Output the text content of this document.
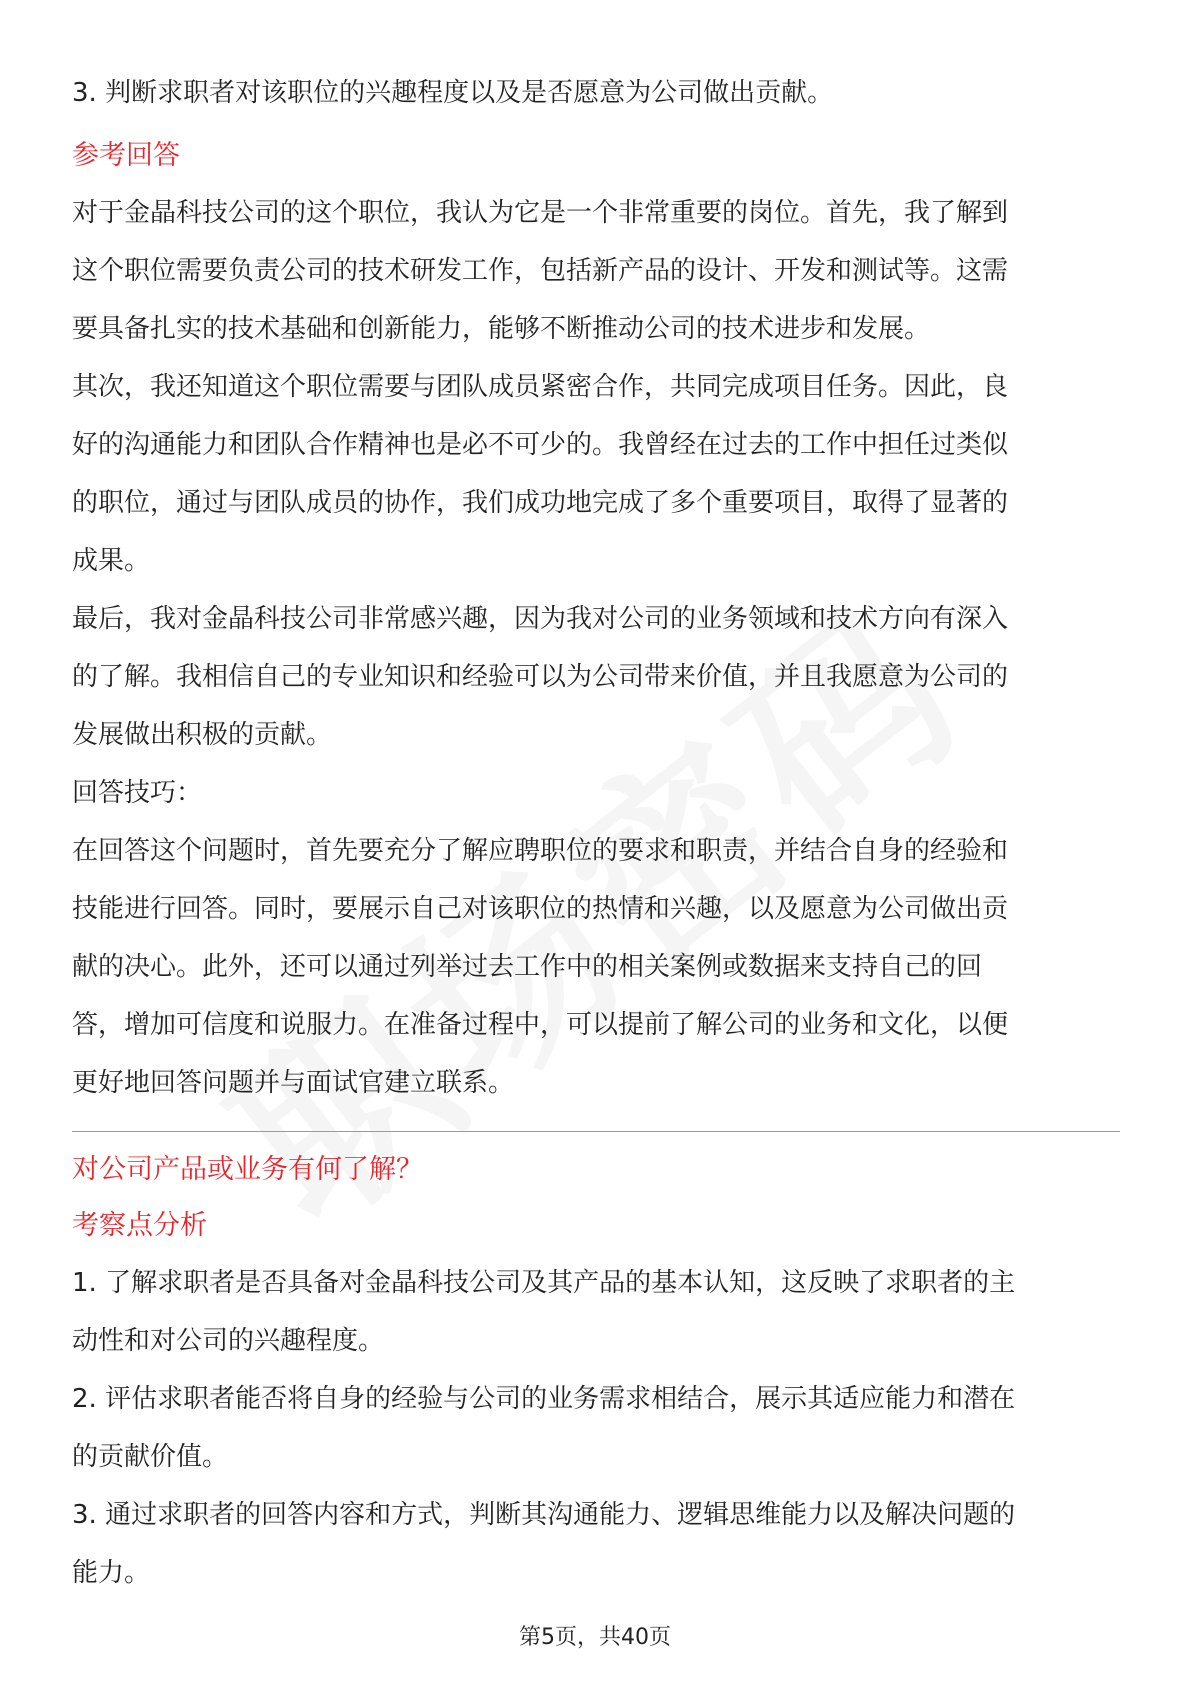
3. 判断求职者对该职位的兴趣程度以及是否愿意为公司做出贡献。

参考回答

对于金晶科技公司的这个职位，我认为它是一个非常重要的岗位。首先，我了解到

这个职位需要负责公司的技术研发工作，包括新产品的设计、开发和测试等。这需

要具备扎实的技术基础和创新能力，能够不断推动公司的技术进步和发展。

其次，我还知道这个职位需要与团队成员紧密合作，共同完成项目任务。因此，良

好的沟通能力和团队合作精神也是必不可少的。我曾经在过去的工作中担任过类似

的职位，通过与团队成员的协作，我们成功地完成了多个重要项目，取得了显著的

成果。

最后，我对金晶科技公司非常感兴趣，因为我对公司的业务领域和技术方向有深入

的了解。我相信自己的专业知识和经验可以为公司带来价值，并且我愿意为公司的

发展做出积极的贡献。

回答技巧：

在回答这个问题时，首先要充分了解应聘职位的要求和职责，并结合自身的经验和

技能进行回答。同时，要展示自己对该职位的热情和兴趣，以及愿意为公司做出贡

献的决心。此外，还可以通过列举过去工作中的相关案例或数据来支持自己的回

答，增加可信度和说服力。在准备过程中，可以提前了解公司的业务和文化，以便

更好地回答问题并与面试官建立联系。

对公司产品或业务有何了解？

考察点分析

1. 了解求职者是否具备对金晶科技公司及其产品的基本认知，这反映了求职者的主

动性和对公司的兴趣程度。

2. 评估求职者能否将自身的经验与公司的业务需求相结合，展示其适应能力和潜在

的贡献价值。

3. 通过求职者的回答内容和方式，判断其沟通能力、逻辑思维能力以及解决问题的

能力。

第5页，共40页
